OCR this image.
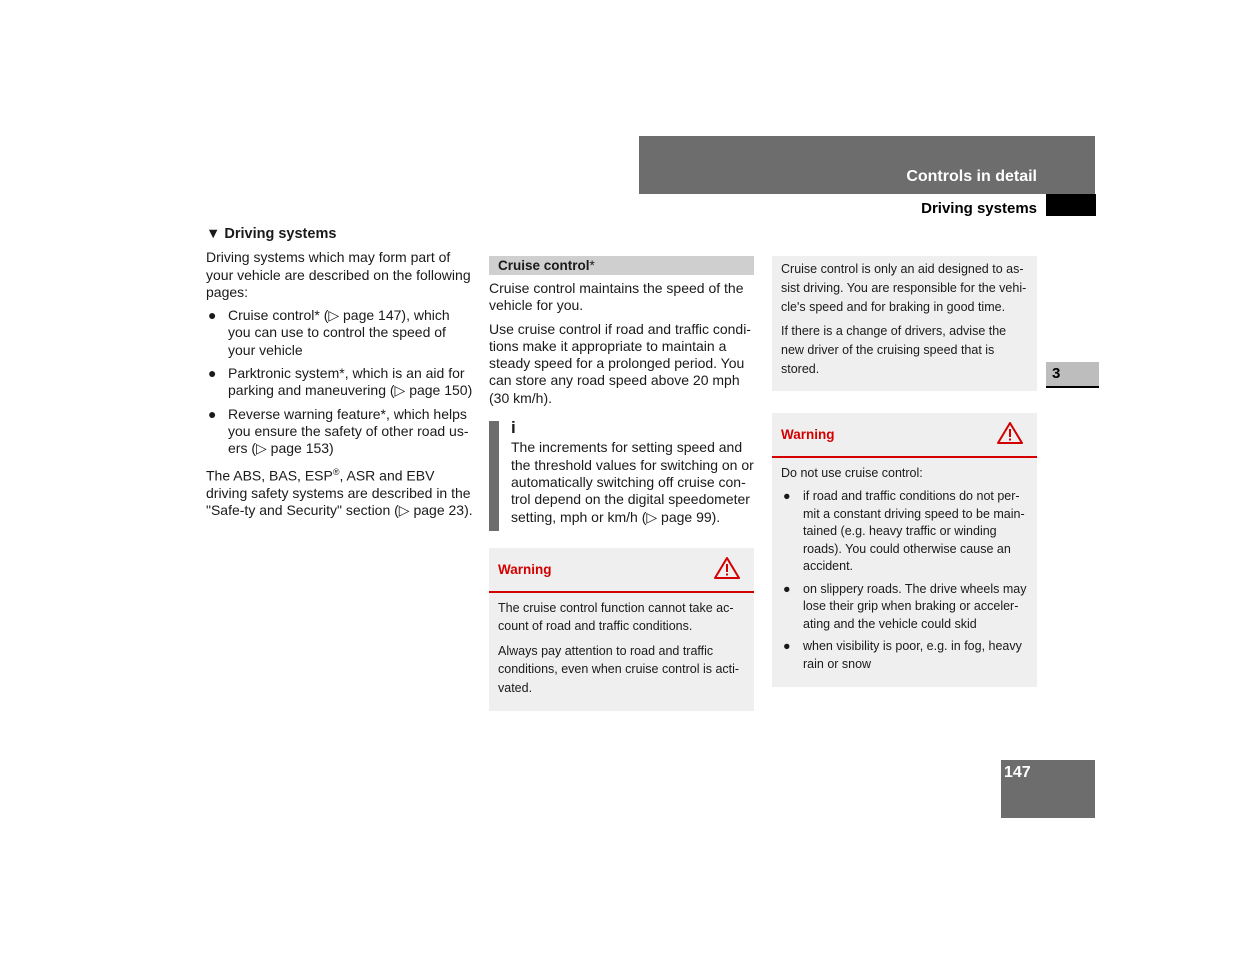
Controls in detail
Driving systems
3
147
▼ Driving systems

Driving systems which may form part of your vehicle are described on the following pages:

● Cruise control* (▷ page 147), which you can use to control the speed of your vehicle
● Parktronic system*, which is an aid for parking and maneuvering (▷ page 150)
● Reverse warning feature*, which helps you ensure the safety of other road us-ers (▷ page 153)

The ABS, BAS, ESP®, ASR and EBV driving safety systems are described in the "Safe-ty and Security" section (▷ page 23).

Cruise control*

Cruise control maintains the speed of the vehicle for you.

Use cruise control if road and traffic condi-tions make it appropriate to maintain a steady speed for a prolonged period. You can store any road speed above 20 mph (30 km/h).

i
The increments for setting speed and the threshold values for switching on or automatically switching off cruise con-trol depend on the digital speedometer setting, mph or km/h (▷ page 99).
Warning

The cruise control function cannot take ac-count of road and traffic conditions.

Always pay attention to road and traffic conditions, even when cruise control is acti-vated.

Cruise control is only an aid designed to as-sist driving. You are responsible for the vehi-cle's speed and for braking in good time.

If there is a change of drivers, advise the new driver of the cruising speed that is stored.

Warning

Do not use cruise control:

● if road and traffic conditions do not per-mit a constant driving speed to be main-tained (e.g. heavy traffic or winding roads). You could otherwise cause an accident.
● on slippery roads. The drive wheels may lose their grip when braking or acceler-ating and the vehicle could skid
● when visibility is poor, e.g. in fog, heavy rain or snow
